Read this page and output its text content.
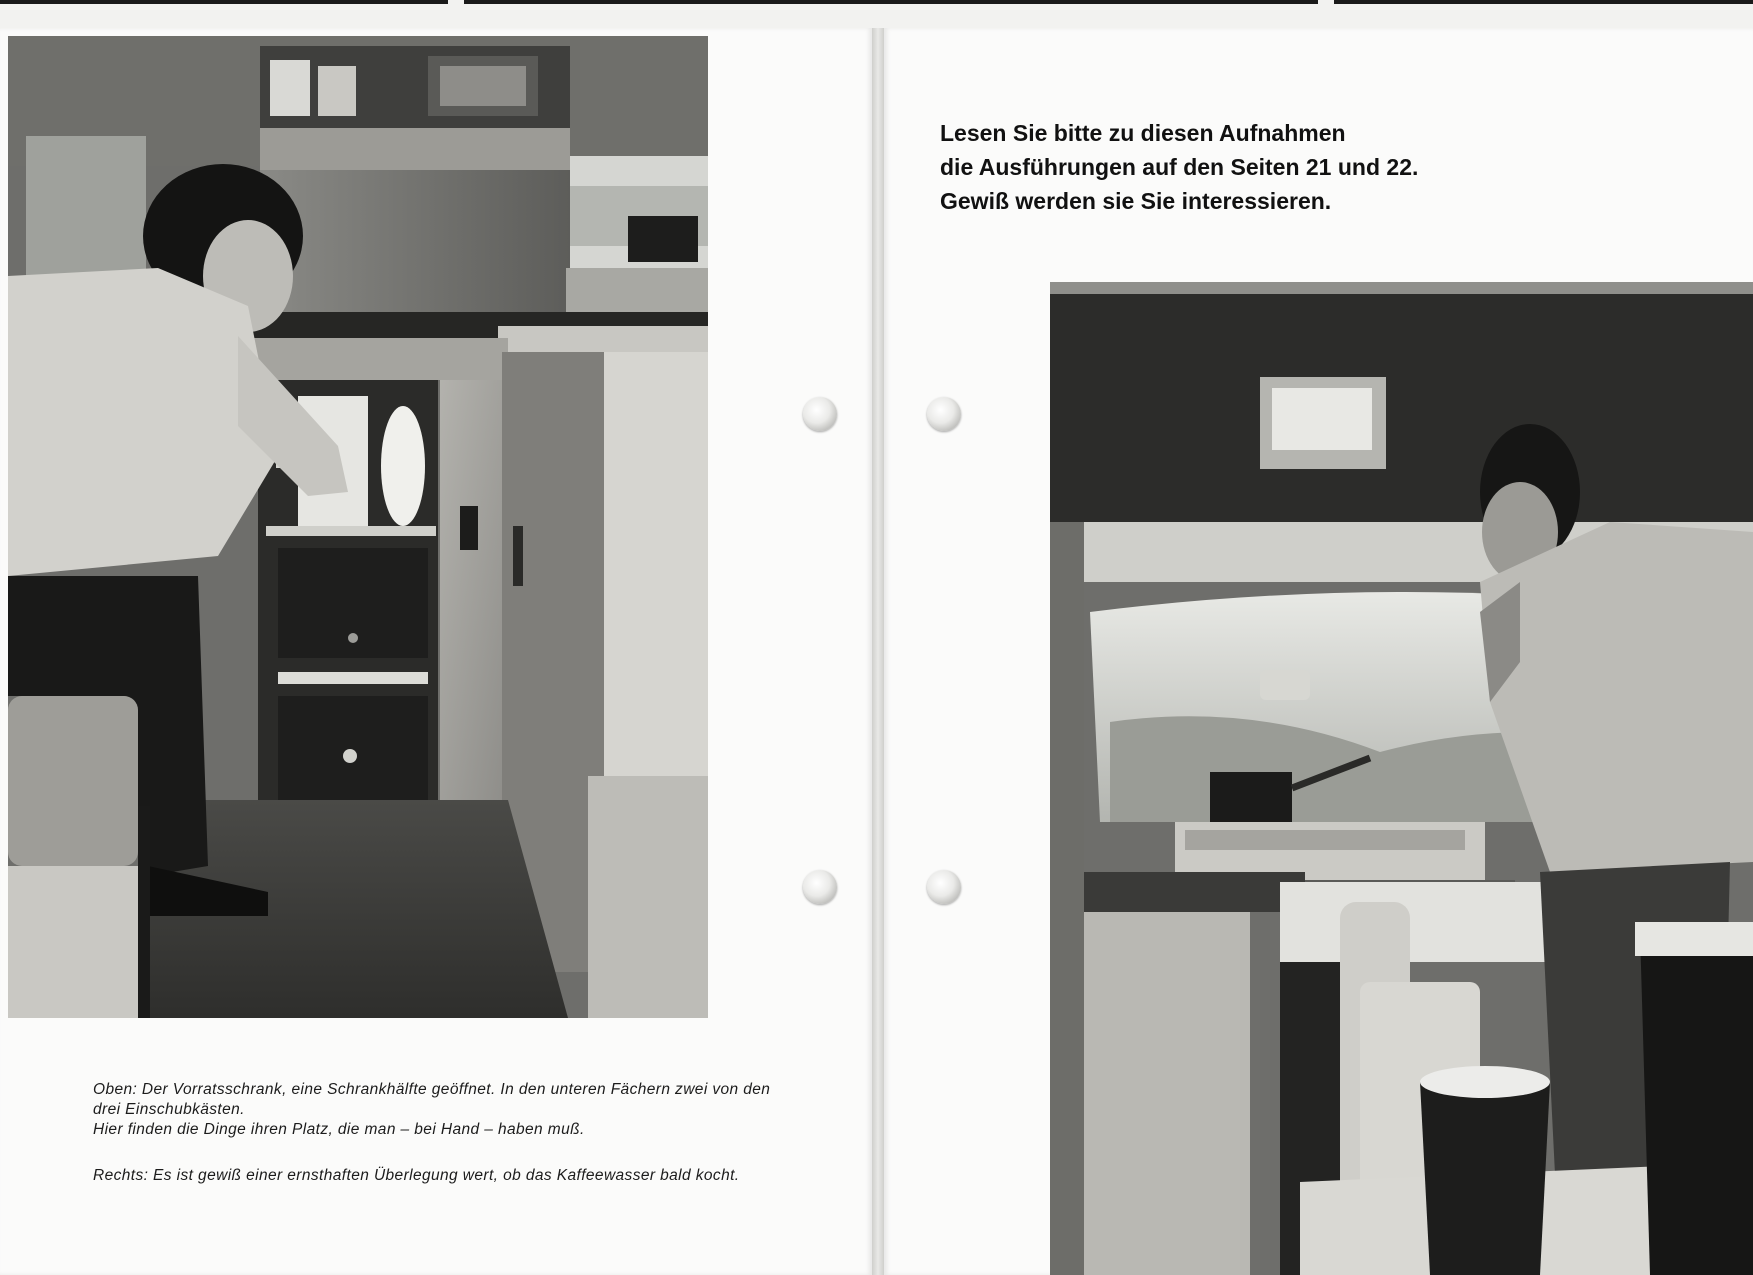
Lesen Sie bitte zu diesen Aufnahmen
die Ausführungen auf den Seiten 21 und 22.
Gewiß werden sie Sie interessieren.
Oben: Der Vorratsschrank, eine Schrankhälfte geöffnet. In den unteren Fächern zwei von den
drei Einschubkästen.
Hier finden die Dinge ihren Platz, die man – bei Hand – haben muß.
Rechts: Es ist gewiß einer ernsthaften Überlegung wert, ob das Kaffeewasser bald kocht.
